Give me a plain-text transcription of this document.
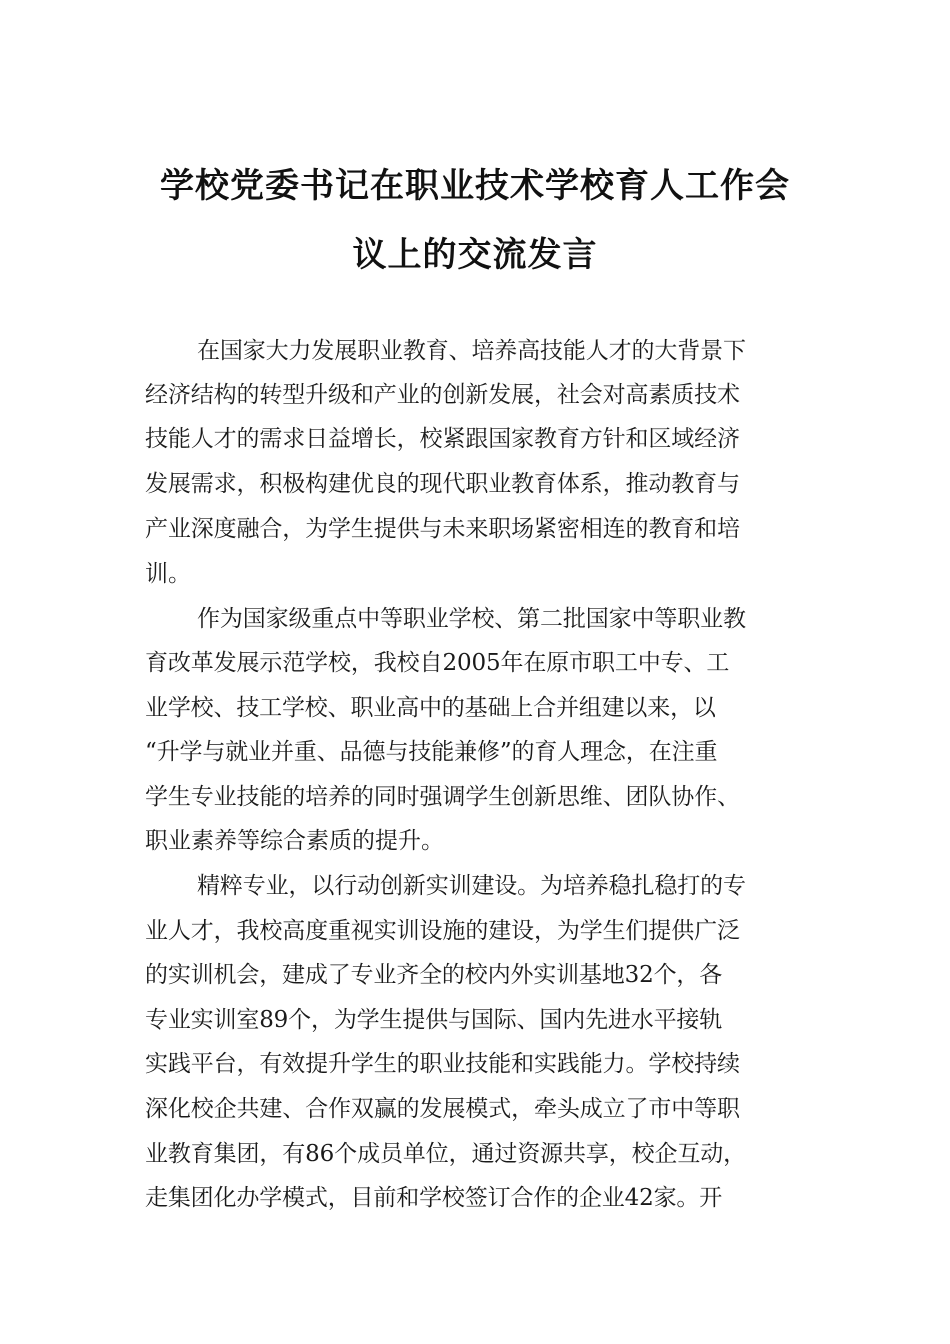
学校党委书记在职业技术学校育人工作会
议上的交流发言
在国家大力发展职业教育、培养高技能人才的大背景下
经济结构的转型升级和产业的创新发展，社会对高素质技术
技能人才的需求日益增长，校紧跟国家教育方针和区域经济
发展需求，积极构建优良的现代职业教育体系，推动教育与
产业深度融合，为学生提供与未来职场紧密相连的教育和培
训。
作为国家级重点中等职业学校、第二批国家中等职业教
育改革发展示范学校，我校自2005年在原市职工中专、工
业学校、技工学校、职业高中的基础上合并组建以来，以
“升学与就业并重、品德与技能兼修”的育人理念，在注重
学生专业技能的培养的同时强调学生创新思维、团队协作、
职业素养等综合素质的提升。
精粹专业，以行动创新实训建设。为培养稳扎稳打的专
业人才，我校高度重视实训设施的建设，为学生们提供广泛
的实训机会，建成了专业齐全的校内外实训基地32个，各
专业实训室89个，为学生提供与国际、国内先进水平接轨
实践平台，有效提升学生的职业技能和实践能力。学校持续
深化校企共建、合作双赢的发展模式，牵头成立了市中等职
业教育集团，有86个成员单位，通过资源共享，校企互动，
走集团化办学模式，目前和学校签订合作的企业42家。开
